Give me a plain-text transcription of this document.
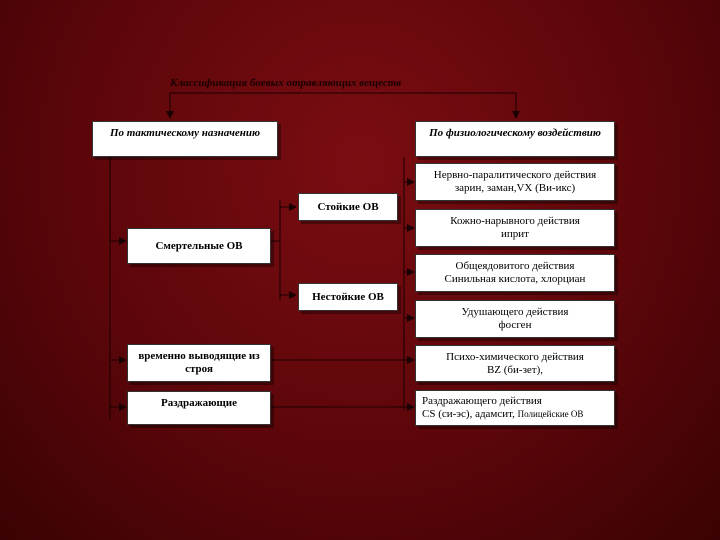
Классификация боевых отравляющих веществ
По тактическому назначению	По физиологическому воздействию
Стойкие ОВ
Нестойкие ОВ
Смертельные ОВ
временно выводящие из строя
Раздражающие
Нервно-паралитического действия
зарин, заман,VX (Ви-икс)
Кожно-нарывного действия
иприт
Общеядовитого действия
Синильная кислота, хлорциан
Удушающего действия
фосген
Психо-химического действия
BZ (би-зет),
Раздражающего действия
CS (си-эс), адамсит, Полицейские ОВ
